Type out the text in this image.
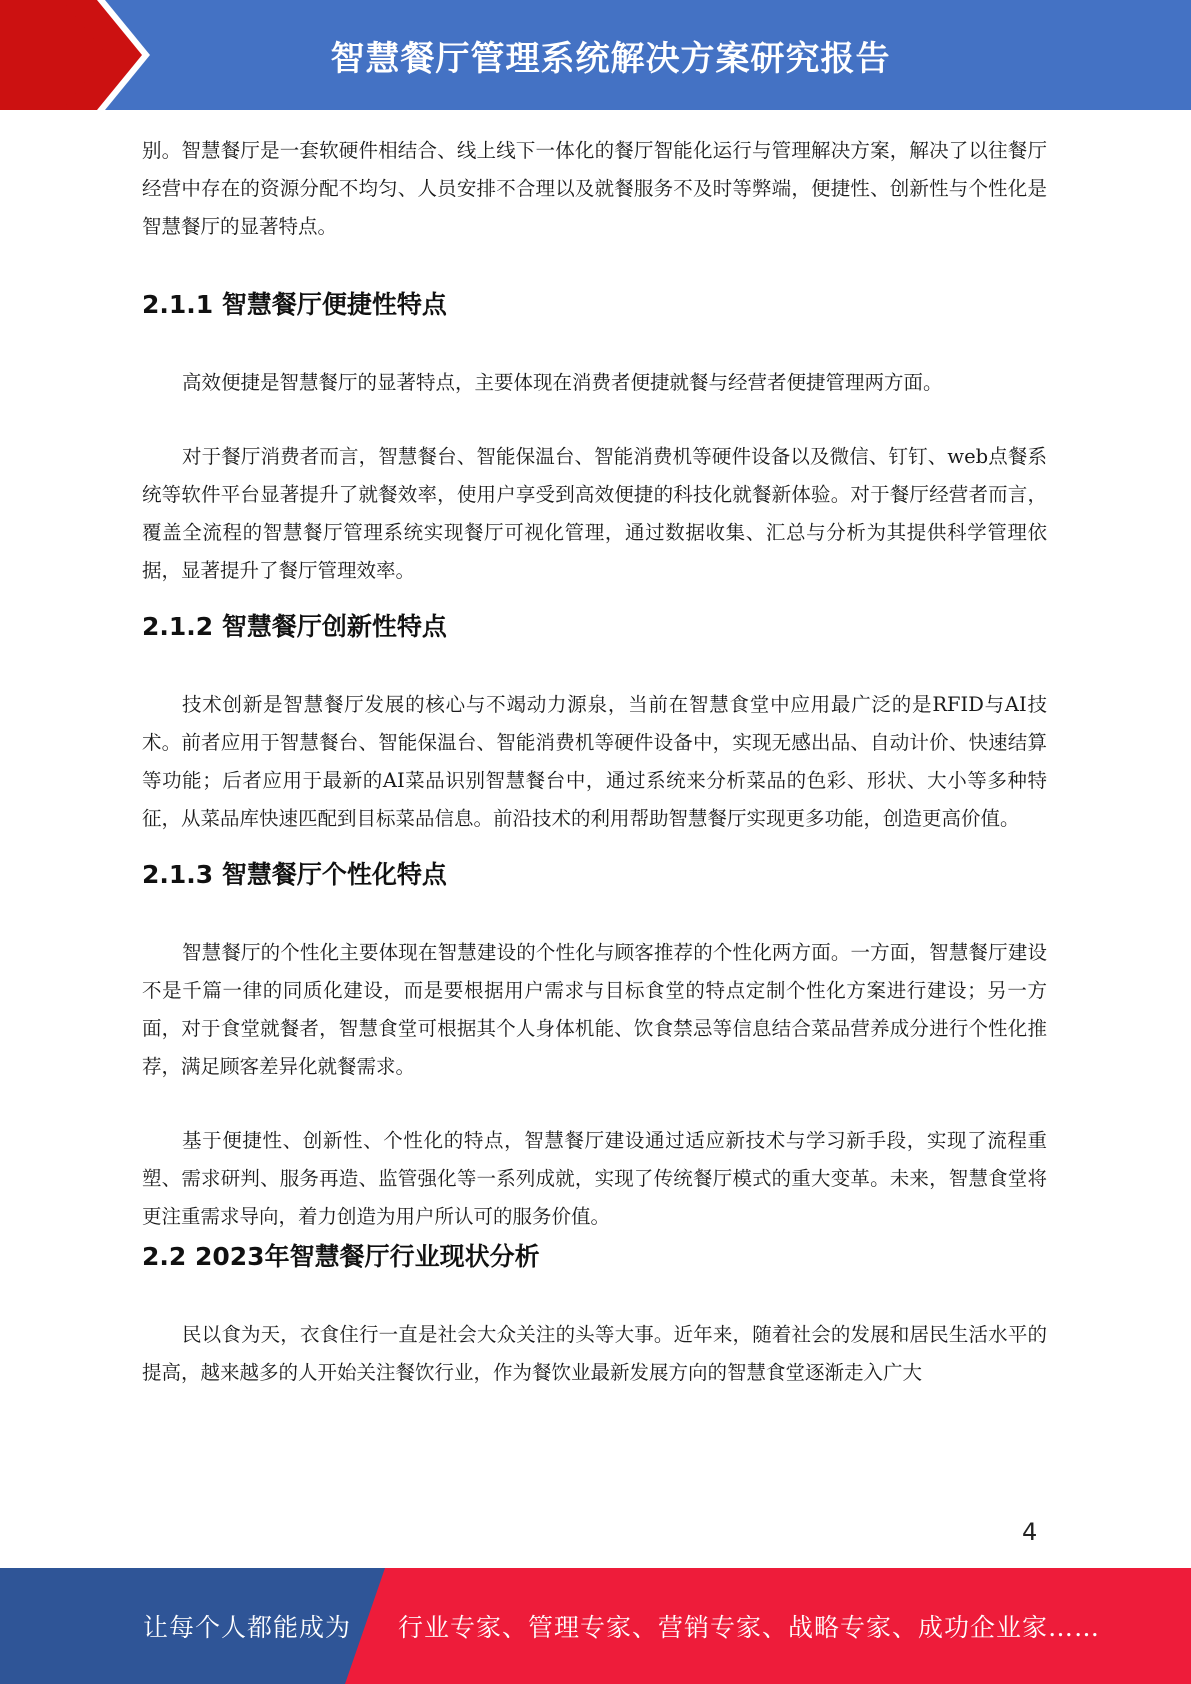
智慧餐厅管理系统解决方案研究报告

别。智慧餐厅是一套软硬件相结合、线上线下一体化的餐厅智能化运行与管理解决方案，解决了以往餐厅经营中存在的资源分配不均匀、人员安排不合理以及就餐服务不及时等弊端，便捷性、创新性与个性化是智慧餐厅的显著特点。

2.1.1 智慧餐厅便捷性特点

高效便捷是智慧餐厅的显著特点，主要体现在消费者便捷就餐与经营者便捷管理两方面。

对于餐厅消费者而言，智慧餐台、智能保温台、智能消费机等硬件设备以及微信、钉钉、web点餐系统等软件平台显著提升了就餐效率，使用户享受到高效便捷的科技化就餐新体验。对于餐厅经营者而言，覆盖全流程的智慧餐厅管理系统实现餐厅可视化管理，通过数据收集、汇总与分析为其提供科学管理依据，显著提升了餐厅管理效率。

2.1.2 智慧餐厅创新性特点

技术创新是智慧餐厅发展的核心与不竭动力源泉，当前在智慧食堂中应用最广泛的是RFID与AI技术。前者应用于智慧餐台、智能保温台、智能消费机等硬件设备中，实现无感出品、自动计价、快速结算等功能；后者应用于最新的AI菜品识别智慧餐台中，通过系统来分析菜品的色彩、形状、大小等多种特征，从菜品库快速匹配到目标菜品信息。前沿技术的利用帮助智慧餐厅实现更多功能，创造更高价值。

2.1.3 智慧餐厅个性化特点

智慧餐厅的个性化主要体现在智慧建设的个性化与顾客推荐的个性化两方面。一方面，智慧餐厅建设不是千篇一律的同质化建设，而是要根据用户需求与目标食堂的特点定制个性化方案进行建设；另一方面，对于食堂就餐者，智慧食堂可根据其个人身体机能、饮食禁忌等信息结合菜品营养成分进行个性化推荐，满足顾客差异化就餐需求。

基于便捷性、创新性、个性化的特点，智慧餐厅建设通过适应新技术与学习新手段，实现了流程重塑、需求研判、服务再造、监管强化等一系列成就，实现了传统餐厅模式的重大变革。未来，智慧食堂将更注重需求导向，着力创造为用户所认可的服务价值。

2.2 2023年智慧餐厅行业现状分析

民以食为天，衣食住行一直是社会大众关注的头等大事。近年来，随着社会的发展和居民生活水平的提高，越来越多的人开始关注餐饮行业，作为餐饮业最新发展方向的智慧食堂逐渐走入广大

4
让每个人都能成为 行业专家、管理专家、营销专家、战略专家、成功企业家……
